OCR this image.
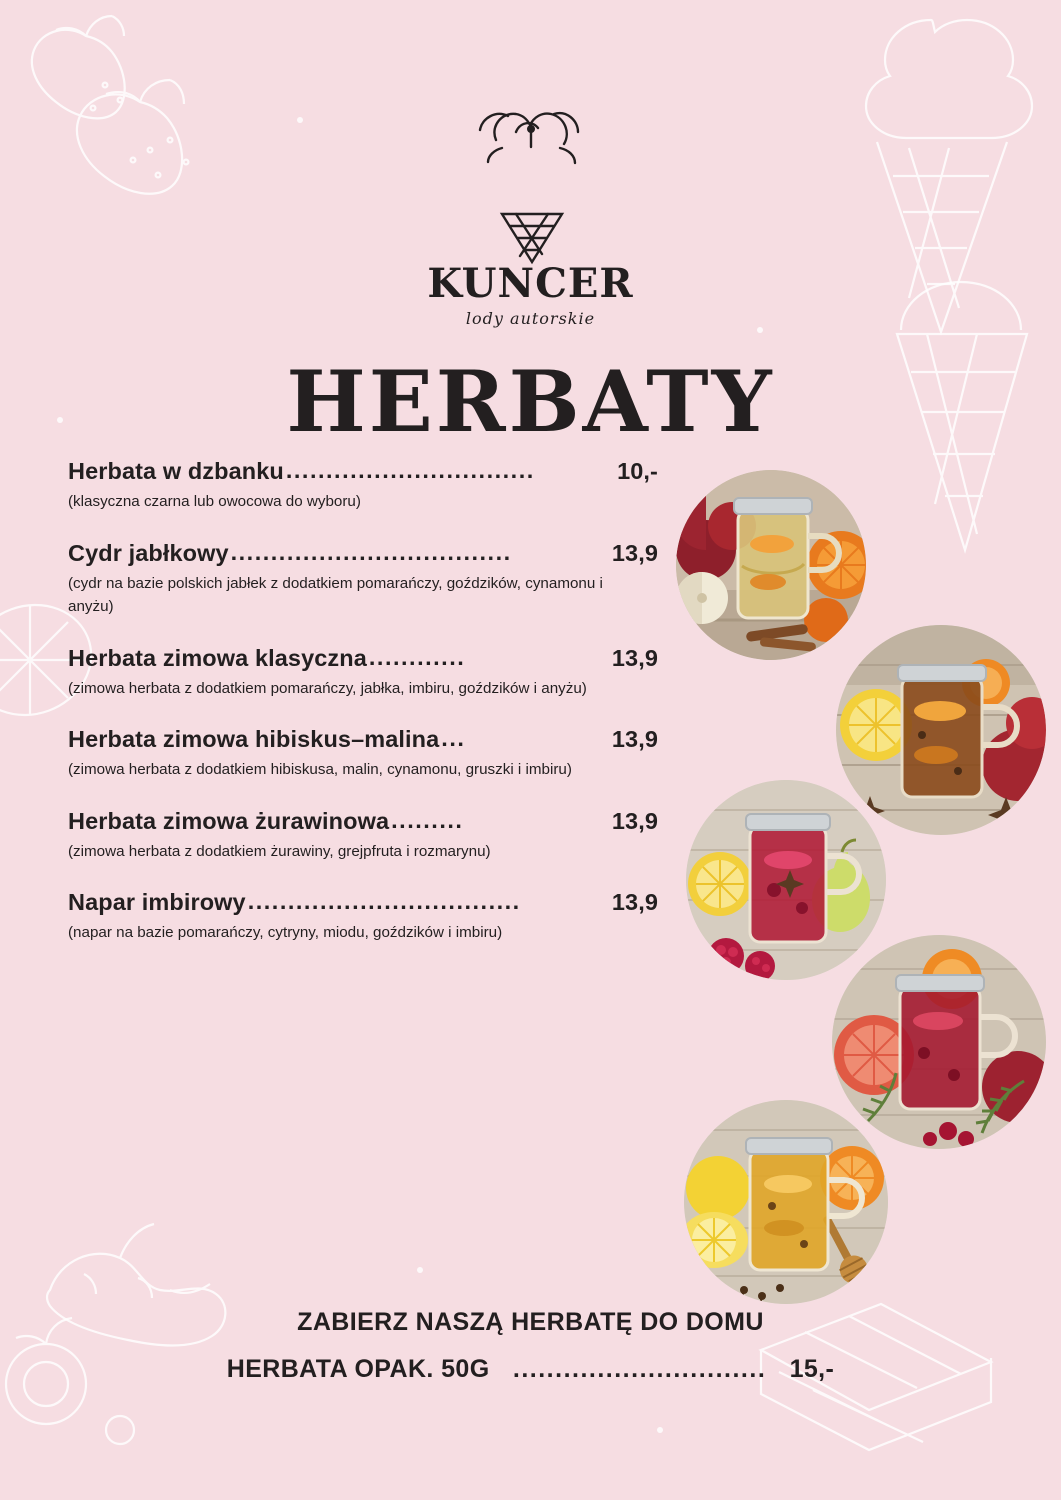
KUNCER
lody autorskie
HERBATY
Herbata w dzbanku ...............................	10,-
(klasyczna czarna lub owocowa do wyboru)
Cydr jabłkowy ...................................	13,9
(cydr na bazie polskich jabłek z dodatkiem pomarańczy, goździków, cynamonu i anyżu)
Herbata zimowa klasyczna ............	13,9
(zimowa herbata z dodatkiem pomarańczy, jabłka, imbiru, goździków i anyżu)
Herbata zimowa hibiskus–malina ...	13,9
(zimowa herbata z dodatkiem hibiskusa, malin, cynamonu, gruszki i imbiru)
Herbata zimowa żurawinowa .........	13,9
(zimowa herbata z dodatkiem żurawiny, grejpfruta i rozmarynu)
Napar imbirowy ..................................	13,9
(napar na bazie pomarańczy, cytryny, miodu, goździków i imbiru)
ZABIERZ NASZĄ HERBATĘ DO DOMU
HERBATA OPAK. 50G .............................. 15,-
